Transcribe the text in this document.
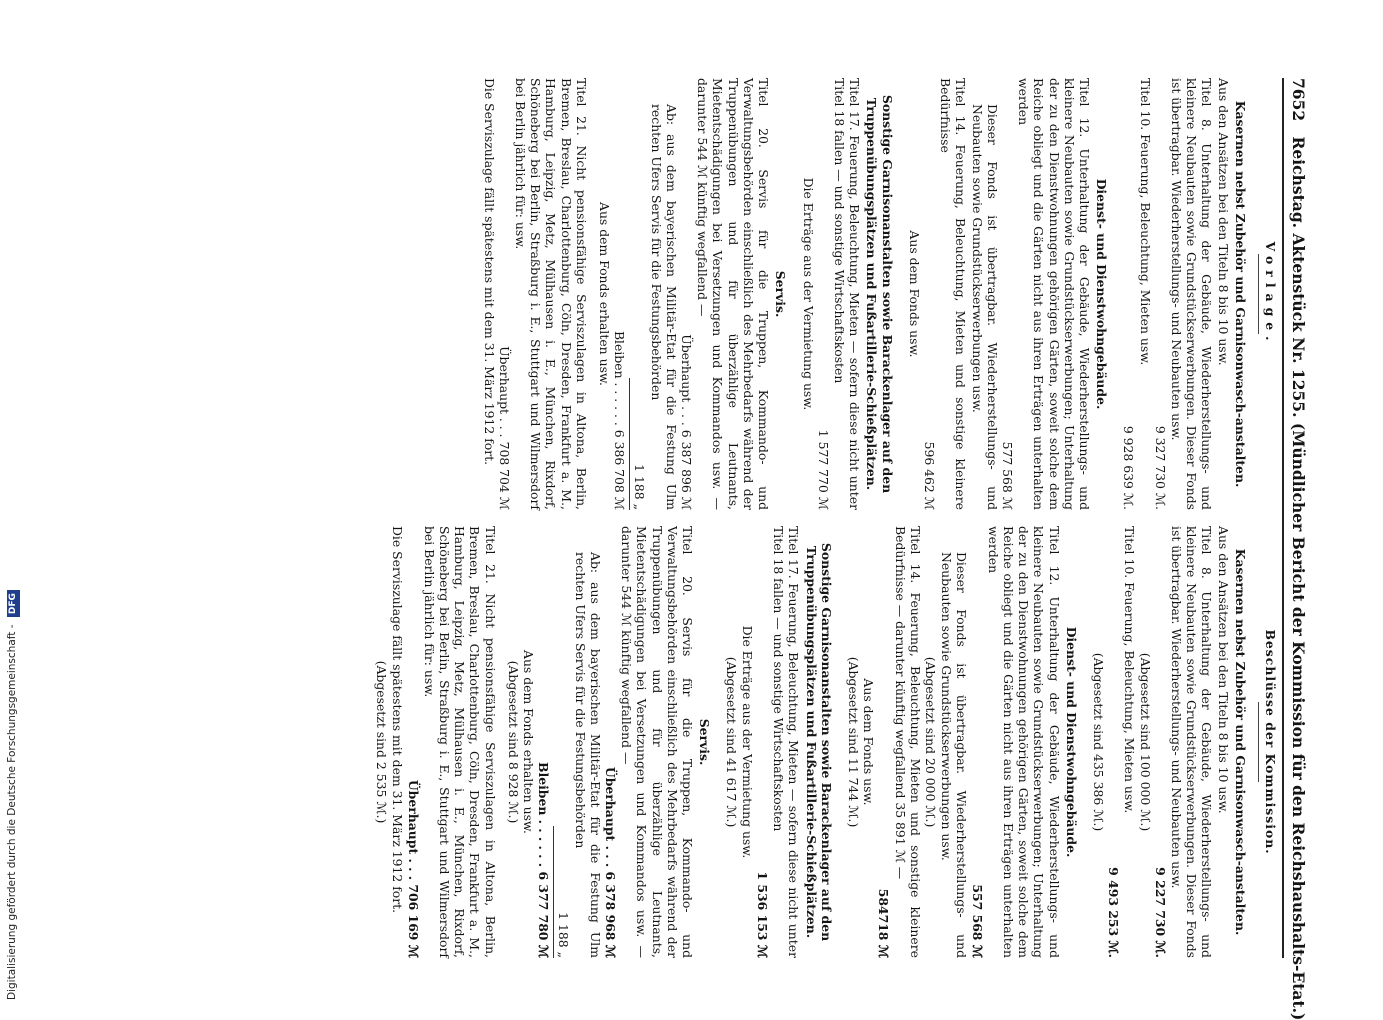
7652 Reichstag. Aktenstück Nr. 1255. (Mündlicher Bericht der Kommission für den Reichshaushalts-Etat.)
Vorlage.
Kasernen nebst Zubehör und Garnisonwasch-anstalten.
Aus den Ansätzen bei den Titeln 8 bis 10 usw.
Titel 8. Unterhaltung der Gebäude, Wiederherstellungs- und kleinere Neubauten sowie Grundstückserwerbungen. Dieser Fonds ist übertragbar. Wiederherstellungs- und Neubauten usw.
9 327 730 ℳ.
Titel 10. Feuerung, Beleuchtung, Mieten usw.
9 928 639 ℳ.
Dienst- und Dienstwohngebäude.
Titel 12. Unterhaltung der Gebäude, Wiederherstellungs- und kleinere Neubauten sowie Grundstückserwerbungen; Unterhaltung der zu den Dienstwohnungen gehörigen Gärten, soweit solche dem Reiche obliegt und die Gärten nicht aus ihren Erträgen unterhalten werden
577 568 ℳ
Dieser Fonds ist übertragbar. Wiederherstellungs- und Neubauten sowie Grundstückserwerbungen usw.
Titel 14. Feuerung, Beleuchtung, Mieten und sonstige kleinere Bedürfnisse
596 462 ℳ
Aus dem Fonds usw.
Sonstige Garnisonanstalten sowie Barackenlager auf den Truppenübungsplätzen und Fußartillerie-Schießplätzen.
Titel 17. Feuerung, Beleuchtung, Mieten — sofern diese nicht unter Titel 18 fallen — und sonstige Wirtschaftskosten
1 577 770 ℳ
Die Erträge aus der Vermietung usw.
Servis.
Titel 20. Servis für die Truppen, Kommando- und Verwaltungsbehörden einschließlich des Mehrbedarfs während der Truppenübungen und für überzählige Leutnants, Mietentschädigungen bei Versetzungen und Kommandos usw. — darunter 544 ℳ künftig wegfallend —
Überhaupt . . . 6 387 896 ℳ
Ab: aus dem bayerischen Militär-Etat für die Festung Ulm rechten Ufers Servis für die Festungsbehörden
1 188 „
Bleiben . . . . . . 6 386 708 ℳ
Aus dem Fonds erhalten usw.
Titel 21. Nicht pensionsfähige Serviszulagen in Altona, Berlin, Bremen, Breslau, Charlottenburg, Cöln, Dresden, Frankfurt a. M., Hamburg, Leipzig, Metz, Mülhausen i. E., München, Rixdorf, Schöneberg bei Berlin, Straßburg i. E., Stuttgart und Wilmersdorf bei Berlin jährlich für: usw.
Überhaupt . . . 708 704 ℳ
Die Serviszulage fällt spätestens mit dem 31. März 1912 fort.
Beschlüsse der Kommission.
Kasernen nebst Zubehör und Garnisonwasch-anstalten.
Aus den Ansätzen bei den Titeln 8 bis 10 usw.
Titel 8. Unterhaltung der Gebäude, Wiederherstellungs- und kleinere Neubauten sowie Grundstückserwerbungen. Dieser Fonds ist übertragbar. Wiederherstellungs- und Neubauten usw.
9 227 730 ℳ.
(Abgesetzt sind 100 000 ℳ.)
Titel 10. Feuerung, Beleuchtung, Mieten usw.
9 493 253 ℳ.
(Abgesetzt sind 435 386 ℳ.)
Dienst- und Dienstwohngebäude.
Titel 12. Unterhaltung der Gebäude, Wiederherstellungs- und kleinere Neubauten sowie Grundstückserwerbungen; Unterhaltung der zu den Dienstwohnungen gehörigen Gärten, soweit solche dem Reiche obliegt und die Gärten nicht aus ihren Erträgen unterhalten werden
557 568 ℳ
Dieser Fonds ist übertragbar. Wiederherstellungs- und Neubauten sowie Grundstückserwerbungen usw.
(Abgesetzt sind 20 000 ℳ.)
Titel 14. Feuerung, Beleuchtung, Mieten und sonstige kleinere Bedürfnisse — darunter künftig wegfallend 35 891 ℳ —
584718 ℳ
Aus dem Fonds usw.
(Abgesetzt sind 11 744 ℳ.)
Sonstige Garnisonanstalten sowie Barackenlager auf den Truppenübungsplätzen und Fußartillerie-Schießplätzen.
Titel 17. Feuerung, Beleuchtung, Mieten — sofern diese nicht unter Titel 18 fallen — und sonstige Wirtschaftskosten
1 536 153 ℳ
Die Erträge aus der Vermietung usw.
(Abgesetzt sind 41 617 ℳ.)
Servis.
Titel 20. Servis für die Truppen, Kommando- und Verwaltungsbehörden einschließlich des Mehrbedarfs während der Truppenübungen und für überzählige Leutnants, Mietentschädigungen bei Versetzungen und Kommandos usw. — darunter 544 ℳ künftig wegfallend —
Überhaupt . . . 6 378 968 ℳ
Ab: aus dem bayerischen Militär-Etat für die Festung Ulm rechten Ufers Servis für die Festungsbehörden
1 188 „
Bleiben . . . . . . 6 377 780 ℳ
Aus dem Fonds erhalten usw.
(Abgesetzt sind 8 928 ℳ.)
Titel 21. Nicht pensionsfähige Serviszulagen in Altona, Berlin, Bremen, Breslau, Charlottenburg, Cöln, Dresden, Frankfurt a. M., Hamburg, Leipzig, Metz, Mülhausen i. E., München, Rixdorf, Schöneberg bei Berlin, Straßburg i. E., Stuttgart und Wilmersdorf bei Berlin jährlich für: usw.
Überhaupt . . . 706 169 ℳ
Die Serviszulage fällt spätestens mit dem 31. März 1912 fort.
(Abgesetzt sind 2 535 ℳ.)
Digitalisierung gefördert durch die Deutsche Forschungsgemeinschaft - DFG
